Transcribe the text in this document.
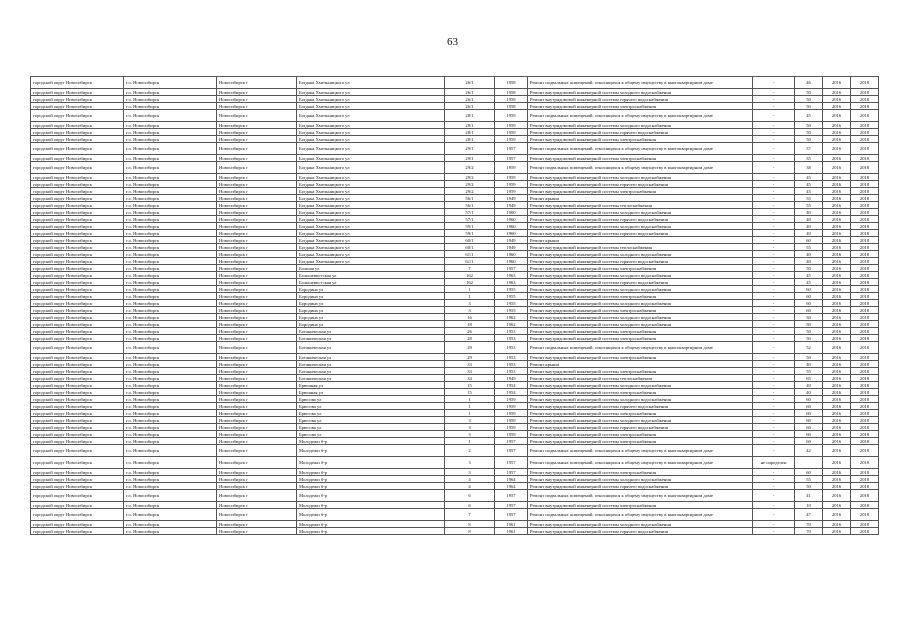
63
городской округ Новосибирск	г.о. Новосибирск	Новосибирск г	Богдана Хмельницкого ул	26/1	1958	Ремонт подвальных помещений, относящихся к общему имуществу в многоквартирном доме	-	46	2016	2018
городской округ Новосибирск	г.о. Новосибирск	Новосибирск г	Богдана Хмельницкого ул	26/1	1958	Ремонт внутридомовой инженерной системы холодного водоснабжения	-	50	2016	2018
городской округ Новосибирск	г.о. Новосибирск	Новосибирск г	Богдана Хмельницкого ул	26/1	1958	Ремонт внутридомовой инженерной системы горячего водоснабжения	-	50	2016	2018
городской округ Новосибирск	г.о. Новосибирск	Новосибирск г	Богдана Хмельницкого ул	26/1	1958	Ремонт внутридомовой инженерной системы электроснабжения	-	50	2016	2018
городской округ Новосибирск	г.о. Новосибирск	Новосибирск г	Богдана Хмельницкого ул	28/1	1959	Ремонт подвальных помещений, относящихся к общему имуществу в многоквартирном доме	-	45	2016	2018
городской округ Новосибирск	г.о. Новосибирск	Новосибирск г	Богдана Хмельницкого ул	28/1	1959	Ремонт внутридомовой инженерной системы холодного водоснабжения	-	50	2016	2018
городской округ Новосибирск	г.о. Новосибирск	Новосибирск г	Богдана Хмельницкого ул	28/1	1959	Ремонт внутридомовой инженерной системы горячего водоснабжения	-	50	2016	2018
городской округ Новосибирск	г.о. Новосибирск	Новосибирск г	Богдана Хмельницкого ул	28/1	1959	Ремонт внутридомовой инженерной системы электроснабжения	-	50	2016	2018
городской округ Новосибирск	г.о. Новосибирск	Новосибирск г	Богдана Хмельницкого ул	29/1	1957	Ремонт подвальных помещений, относящихся к общему имуществу в многоквартирном доме	-	37	2016	2018
городской округ Новосибирск	г.о. Новосибирск	Новосибирск г	Богдана Хмельницкого ул	29/1	1957	Ремонт внутридомовой инженерной системы электроснабжения	-	35	2016	2018
городской округ Новосибирск	г.о. Новосибирск	Новосибирск г	Богдана Хмельницкого ул	29/2	1959	Ремонт подвальных помещений, относящихся к общему имуществу в многоквартирном доме	-	38	2016	2018
городской округ Новосибирск	г.о. Новосибирск	Новосибирск г	Богдана Хмельницкого ул	29/2	1959	Ремонт внутридомовой инженерной системы холодного водоснабжения	-	45	2016	2018
городской округ Новосибирск	г.о. Новосибирск	Новосибирск г	Богдана Хмельницкого ул	29/2	1959	Ремонт внутридомовой инженерной системы горячего водоснабжения	-	45	2016	2018
городской округ Новосибирск	г.о. Новосибирск	Новосибирск г	Богдана Хмельницкого ул	29/2	1959	Ремонт внутридомовой инженерной системы электроснабжения	-	45	2016	2018
городской округ Новосибирск	г.о. Новосибирск	Новосибирск г	Богдана Хмельницкого ул	56/1	1949	Ремонт крыши	-	55	2016	2018
городской округ Новосибирск	г.о. Новосибирск	Новосибирск г	Богдана Хмельницкого ул	56/1	1949	Ремонт внутридомовой инженерной системы теплоснабжения	-	55	2016	2018
городской округ Новосибирск	г.о. Новосибирск	Новосибирск г	Богдана Хмельницкого ул	57/1	1960	Ремонт внутридомовой инженерной системы холодного водоснабжения	-	40	2016	2018
городской округ Новосибирск	г.о. Новосибирск	Новосибирск г	Богдана Хмельницкого ул	57/1	1960	Ремонт внутридомовой инженерной системы горячего водоснабжения	-	40	2016	2018
городской округ Новосибирск	г.о. Новосибирск	Новосибирск г	Богдана Хмельницкого ул	59/1	1960	Ремонт внутридомовой инженерной системы холодного водоснабжения	-	40	2016	2018
городской округ Новосибирск	г.о. Новосибирск	Новосибирск г	Богдана Хмельницкого ул	59/1	1960	Ремонт внутридомовой инженерной системы горячего водоснабжения	-	40	2016	2018
городской округ Новосибирск	г.о. Новосибирск	Новосибирск г	Богдана Хмельницкого ул	60/1	1949	Ремонт крыши	-	60	2016	2018
городской округ Новосибирск	г.о. Новосибирск	Новосибирск г	Богдана Хмельницкого ул	60/1	1949	Ремонт внутридомовой инженерной системы теплоснабжения	-	55	2016	2018
городской округ Новосибирск	г.о. Новосибирск	Новосибирск г	Богдана Хмельницкого ул	61/1	1960	Ремонт внутридомовой инженерной системы холодного водоснабжения	-	40	2016	2018
городской округ Новосибирск	г.о. Новосибирск	Новосибирск г	Богдана Хмельницкого ул	61/1	1960	Ремонт внутридомовой инженерной системы горячего водоснабжения	-	40	2016	2018
городской округ Новосибирск	г.о. Новосибирск	Новосибирск г	Болшая ул	7	1957	Ремонт внутридомовой инженерной системы электроснабжения	-	50	2016	2018
городской округ Новосибирск	г.о. Новосибирск	Новосибирск г	Большевистская ул	162	1963	Ремонт внутридомовой инженерной системы холодного водоснабжения	-	45	2016	2018
городской округ Новосибирск	г.о. Новосибирск	Новосибирск г	Большевистская ул	162	1963	Ремонт внутридомовой инженерной системы горячего водоснабжения	-	45	2016	2018
городской округ Новосибирск	г.о. Новосибирск	Новосибирск г	Бородина ул	1	1955	Ремонт внутридомовой инженерной системы холодного водоснабжения	-	60	2016	2018
городской округ Новосибирск	г.о. Новосибирск	Новосибирск г	Бородина ул	1	1955	Ремонт внутридомовой инженерной системы электроснабжения	-	60	2016	2018
городской округ Новосибирск	г.о. Новосибирск	Новосибирск г	Бородина ул	3	1955	Ремонт внутридомовой инженерной системы холодного водоснабжения	-	60	2016	2018
городской округ Новосибирск	г.о. Новосибирск	Новосибирск г	Бородина ул	3	1955	Ремонт внутридомовой инженерной системы электроснабжения	-	60	2016	2018
городской округ Новосибирск	г.о. Новосибирск	Новосибирск г	Бородина ул	16	1962	Ремонт внутридомовой инженерной системы холодного водоснабжения	-	30	2016	2018
городской округ Новосибирск	г.о. Новосибирск	Новосибирск г	Бородина ул	18	1962	Ремонт внутридомовой инженерной системы холодного водоснабжения	-	30	2016	2018
городской округ Новосибирск	г.о. Новосибирск	Новосибирск г	Ботаническая ул	26	1953	Ремонт внутридомовой инженерной системы электроснабжения	-	50	2016	2018
городской округ Новосибирск	г.о. Новосибирск	Новосибирск г	Ботаническая ул	28	1953	Ремонт внутридомовой инженерной системы электроснабжения	-	50	2016	2018
городской округ Новосибирск	г.о. Новосибирск	Новосибирск г	Ботаническая ул	29	1953	Ремонт подвальных помещений, относящихся к общему имуществу в многоквартирном доме	-	52	2016	2018
городской округ Новосибирск	г.о. Новосибирск	Новосибирск г	Ботаническая ул	29	1953	Ремонт внутридомовой инженерной системы электроснабжения	-	50	2016	2018
городской округ Новосибирск	г.о. Новосибирск	Новосибирск г	Ботаническая ул	33	1953	Ремонт крыши	-	40	2016	2018
городской округ Новосибирск	г.о. Новосибирск	Новосибирск г	Ботаническая ул	33	1953	Ремонт внутридомовой инженерной системы электроснабжения	-	55	2016	2018
городской округ Новосибирск	г.о. Новосибирск	Новосибирск г	Ботаническая ул	34	1949	Ремонт внутридомовой инженерной системы теплоснабжения	-	65	2016	2018
городской округ Новосибирск	г.о. Новосибирск	Новосибирск г	Брюшная ул	15	1954	Ремонт внутридомовой инженерной системы холодного водоснабжения	-	40	2016	2018
городской округ Новосибирск	г.о. Новосибирск	Новосибирск г	Брюшная ул	15	1954	Ремонт внутридомовой инженерной системы электроснабжения	-	40	2016	2018
городской округ Новосибирск	г.о. Новосибирск	Новосибирск г	Брюсова ул	1	1959	Ремонт внутридомовой инженерной системы холодного водоснабжения	-	60	2016	2018
городской округ Новосибирск	г.о. Новосибирск	Новосибирск г	Брюсова ул	1	1959	Ремонт внутридомовой инженерной системы горячего водоснабжения	-	60	2016	2018
городской округ Новосибирск	г.о. Новосибирск	Новосибирск г	Брюсова ул	1	1959	Ремонт внутридомовой инженерной системы электроснабжения	-	60	2016	2018
городской округ Новосибирск	г.о. Новосибирск	Новосибирск г	Брюсова ул	3	1959	Ремонт внутридомовой инженерной системы холодного водоснабжения	-	60	2016	2018
городской округ Новосибирск	г.о. Новосибирск	Новосибирск г	Брюсова ул	3	1959	Ремонт внутридомовой инженерной системы горячего водоснабжения	-	60	2016	2018
городской округ Новосибирск	г.о. Новосибирск	Новосибирск г	Брюсова ул	3	1959	Ремонт внутридомовой инженерной системы электроснабжения	-	60	2016	2018
городской округ Новосибирск	г.о. Новосибирск	Новосибирск г	Молодежи б-р	1	1957	Ремонт внутридомовой инженерной системы электроснабжения	-	60	2016	2018
городской округ Новосибирск	г.о. Новосибирск	Новосибирск г	Молодежи б-р	2	1957	Ремонт подвальных помещений, относящихся к общему имуществу в многоквартирном доме	-	42	2016	2018
городской округ Новосибирск	г.о. Новосибирск	Новосибирск г	Молодежи б-р	3	1957	Ремонт подвальных помещений, относящихся к общему имуществу в многоквартирном доме	не определен		2016	2018
городской округ Новосибирск	г.о. Новосибирск	Новосибирск г	Молодежи б-р	3	1957	Ремонт внутридомовой инженерной системы электроснабжения	-	60	2016	2018
городской округ Новосибирск	г.о. Новосибирск	Новосибирск г	Молодежи б-р	4	1964	Ремонт внутридомовой инженерной системы холодного водоснабжения	-	55	2016	2018
городской округ Новосибирск	г.о. Новосибирск	Новосибирск г	Молодежи б-р	4	1964	Ремонт внутридомовой инженерной системы горячего водоснабжения	-	50	2016	2018
городской округ Новосибирск	г.о. Новосибирск	Новосибирск г	Молодежи б-р	6	1957	Ремонт подвальных помещений, относящихся к общему имуществу в многоквартирном доме	-	41	2016	2018
городской округ Новосибирск	г.о. Новосибирск	Новосибирск г	Молодежи б-р	6	1957	Ремонт внутридомовой инженерной системы электроснабжения	-	10	2016	2018
городской округ Новосибирск	г.о. Новосибирск	Новосибирск г	Молодежи б-р	7	1957	Ремонт подвальных помещений, относящихся к общему имуществу в многоквартирном доме	-	47	2016	2018
городской округ Новосибирск	г.о. Новосибирск	Новосибирск г	Молодежи б-р	8	1961	Ремонт внутридомовой инженерной системы холодного водоснабжения	-	70	2016	2018
городской округ Новосибирск	г.о. Новосибирск	Новосибирск г	Молодежи б-р	8	1961	Ремонт внутридомовой инженерной системы горячего водоснабжения	-	70	2016	2018
